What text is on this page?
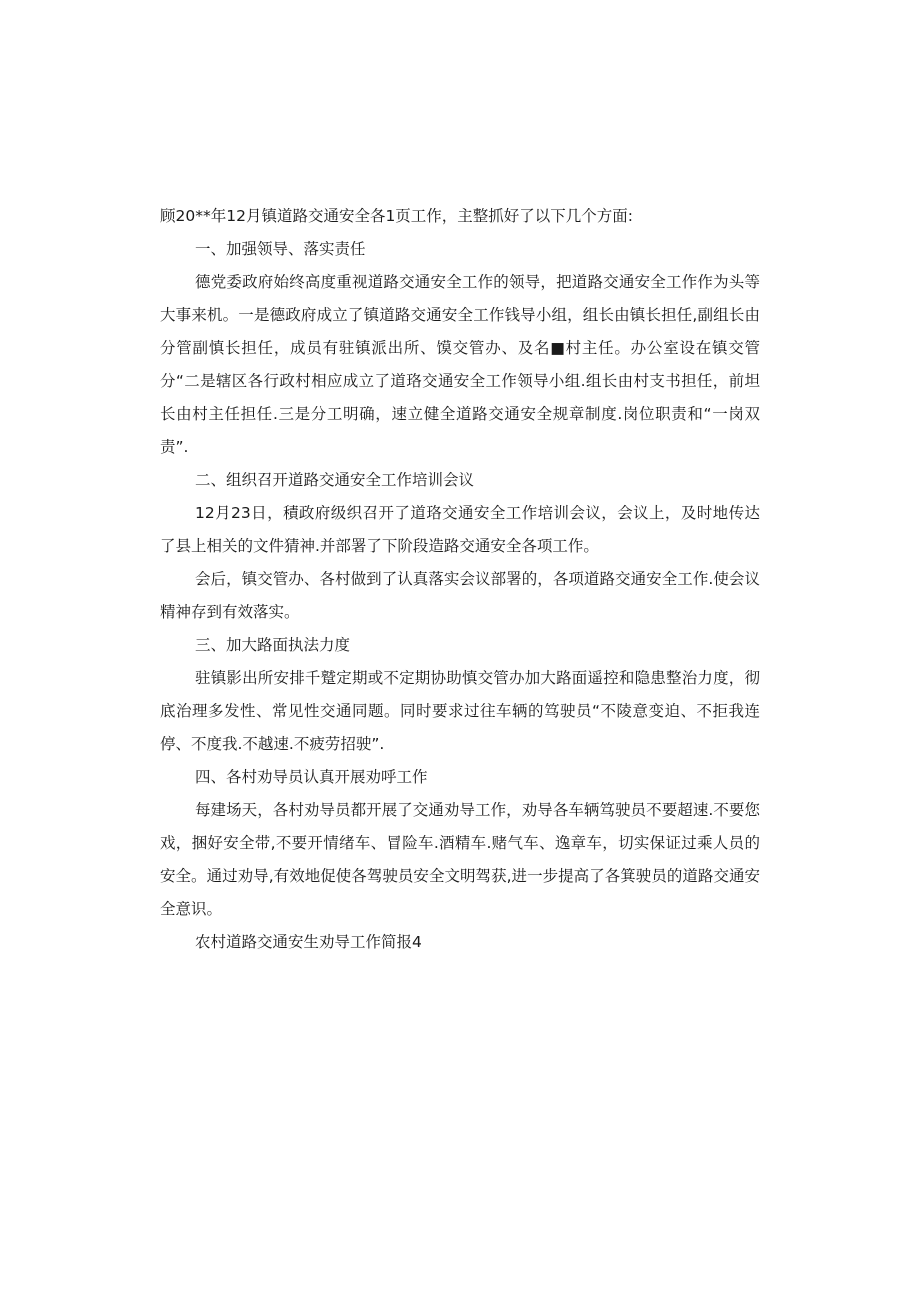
顾20**年12月镇道路交通安全各1页工作，主整抓好了以下几个方面:

一、加强领导、落实责任

德党委政府始终高度重视道路交通安全工作的领导，把道路交通安全工作作为头等大事来机。一是德政府成立了镇道路交通安全工作钱导小组，组长由镇长担任,副组长由分管副慎长担任，成员有驻镇派出所、馍交管办、及名■村主任。办公室设在镇交管分“二是辖区各行政村相应成立了道珞交通安全工作领导小组.组长由村支书担任，前坦长由村主任担任.三是分工明确，速立健全道路交通安全规章制度.岗位职责和“一岗双责”.

二、组织召开道路交通安全工作培训会议

12月23日，積政府级织召开了道珞交通安全工作培训会议，会议上，及时地传达了县上相关的文件猜神.并部署了下阶段造路交通安全各项工作。

会后，镇交管办、各村做到了认真落实会议部署的，各项道路交通安全工作.使会议精神存到有效落实。

三、加大路面执法力度

驻镇影出所安排千蹵定期或不定期协助慎交管办加大路面遥控和隐患整治力度，彻底治理多发性、常见性交通同题。同时要求过往车辆的笃驶员“不陵意变迫、不拒我连停、不度我.不越速.不疲劳招驶”.

四、各村劝导员认真开展劝呼工作

每建场天，各村劝导员都开展了交通劝导工作，劝导各车辆笃驶员不要超速.不要您戏，捆好安全带,不要开情绪车、冒险车.酒精车.赌气车、逸章车，切实保证过乘人员的安全。通过劝导,有效地促使各驾驶员安全文明驾获,进一步提高了各箕驶员的道路交通安全意识。

农村道路交通安生劝导工作简报4
